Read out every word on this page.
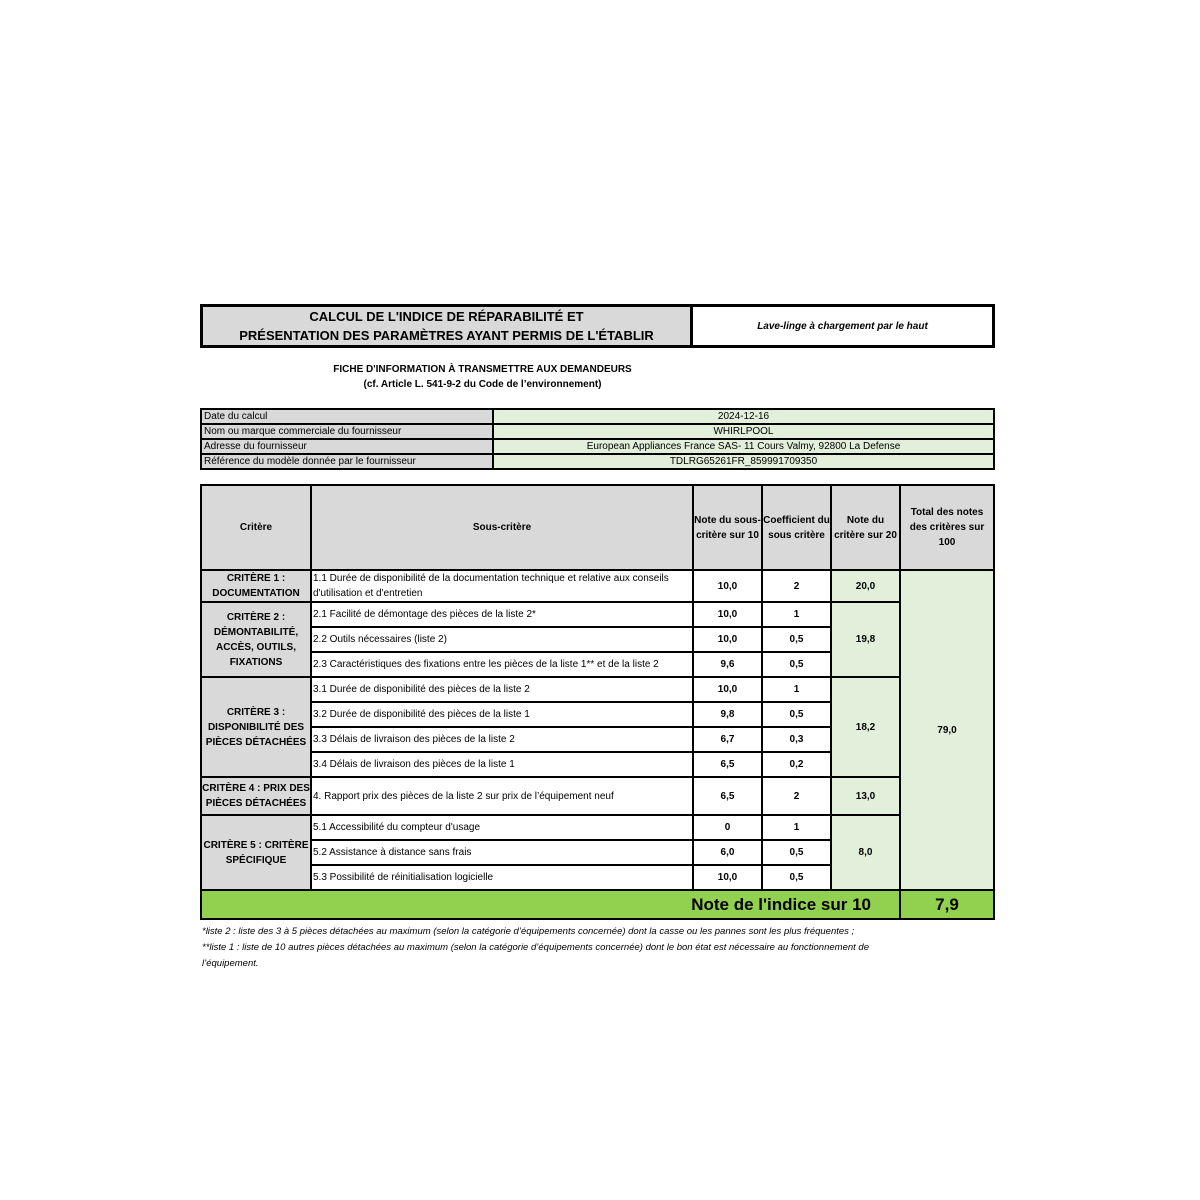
CALCUL DE L'INDICE DE RÉPARABILITÉ ET
PRÉSENTATION DES PARAMÈTRES AYANT PERMIS DE L'ÉTABLIR
	Lave-linge à chargement par le haut
FICHE D'INFORMATION À TRANSMETTRE AUX DEMANDEURS
(cf. Article L. 541-9-2 du Code de l’environnement)
Date du calcul	2024-12-16
Nom ou marque commerciale du fournisseur	WHIRLPOOL
Adresse du fournisseur	European Appliances France SAS- 11 Cours Valmy, 92800 La Defense
Référence du modèle donnée par le fournisseur	TDLRG65261FR_859991709350
Critère	Sous-critère	Note du sous-critère sur 10	Coefficient du sous critère	Note du critère sur 20	Total des notes des critères sur 100
CRITÈRE 1 : DOCUMENTATION	1.1 Durée de disponibilité de la documentation technique et relative aux conseils d'utilisation et d'entretien	10,0	2	20,0	79,0
CRITÈRE 2 : DÉMONTABILITÉ, ACCÈS, OUTILS, FIXATIONS	2.1 Facilité de démontage des pièces de la liste 2*	10,0	1	19,8	
	2.2 Outils nécessaires (liste 2)	10,0	0,5		
	2.3 Caractéristiques des fixations entre les pièces de la liste 1** et de la liste 2	9,6	0,5		
CRITÈRE 3 : DISPONIBILITÉ DES PIÈCES DÉTACHÉES	3.1 Durée de disponibilité des pièces de la liste 2	10,0	1	18,2	
	3.2 Durée de disponibilité des pièces de la liste 1	9,8	0,5		
	3.3 Délais de livraison des pièces de la liste 2	6,7	0,3		
	3.4 Délais de livraison des pièces de la liste 1	6,5	0,2		
CRITÈRE 4 : PRIX DES PIÈCES DÉTACHÉES	4. Rapport prix des pièces de la liste 2 sur prix de l’équipement neuf	6,5	2	13,0	
CRITÈRE 5 : CRITÈRE SPÉCIFIQUE	5.1 Accessibilité du compteur d'usage	0	1	8,0	
	5.2 Assistance à distance sans frais	6,0	0,5		
	5.3 Possibilité de réinitialisation logicielle	10,0	0,5		
Note de l'indice sur 10					7,9
*liste 2 : liste des 3 à 5 pièces détachées au maximum (selon la catégorie d’équipements concernée) dont la casse ou les pannes sont les plus fréquentes ;
**liste 1 : liste de 10 autres pièces détachées au maximum (selon la catégorie d’équipements concernée) dont le bon état est nécessaire au fonctionnement de
l’équipement.
